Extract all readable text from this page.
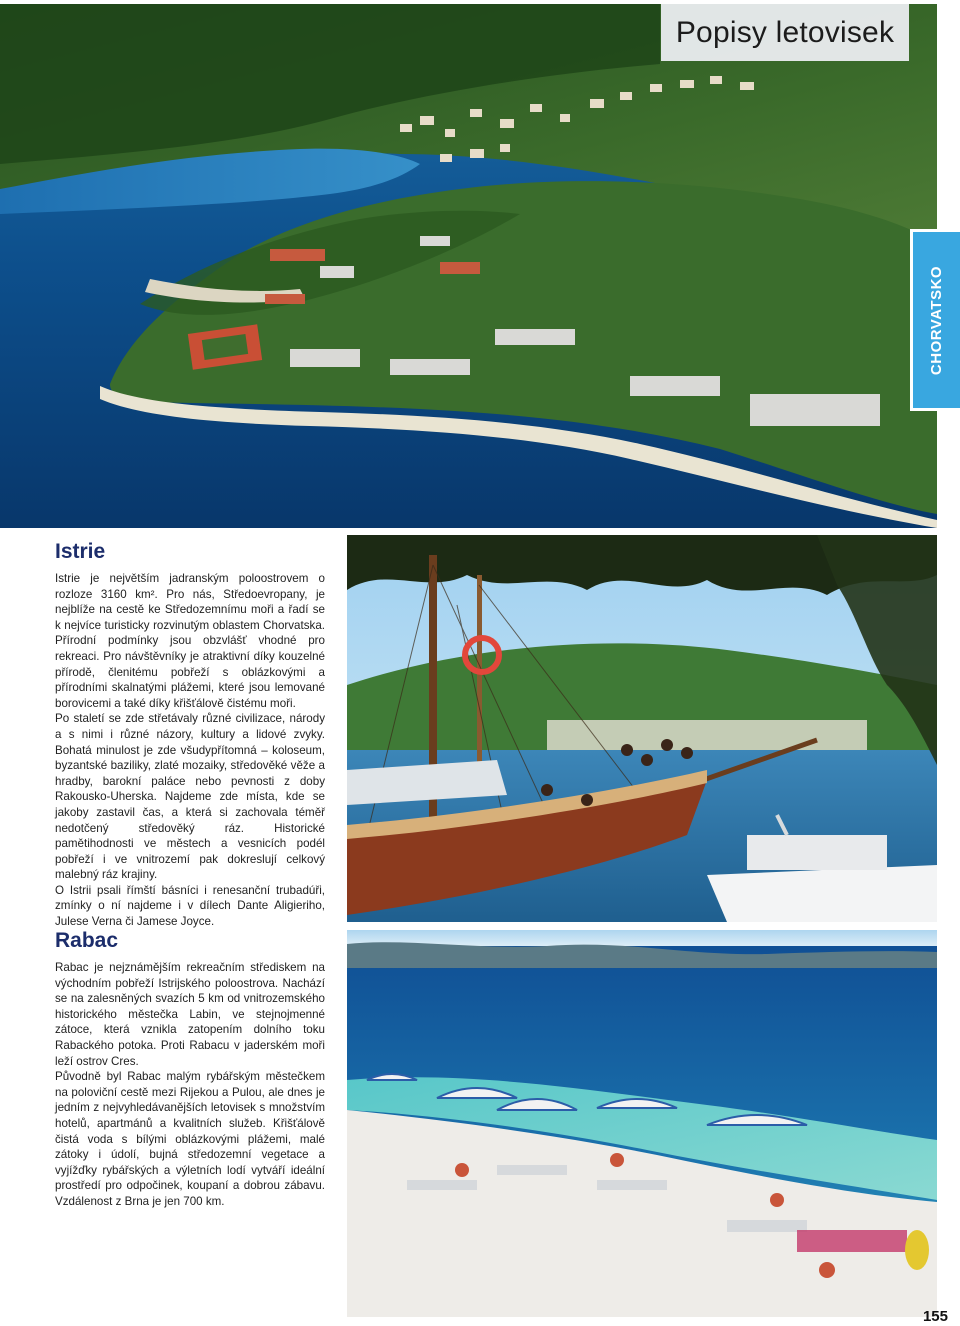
Popisy letovisek
CHORVATSKO
Istrie

Istrie je největším jadranským poloostrovem o rozloze 3160 km². Pro nás, Středoevropany, je nejblíže na cestě ke Středozemnímu moři a řadí se k nejvíce turisticky rozvinutým oblastem Chorvatska. Přírodní podmínky jsou obzvlášť vhodné pro rekreaci. Pro návštěvníky je atraktivní díky kouzelné přírodě, členitému pobřeží s oblázkovými a přírodními skalnatými plážemi, které jsou lemované borovicemi a také díky křišťálově čistému moři.

Po staletí se zde střetávaly různé civilizace, národy a s nimi i různé názory, kultury a lidové zvyky. Bohatá minulost je zde všudypřítomná – koloseum, byzantské baziliky, zlaté mozaiky, středověké věže a hradby, barokní paláce nebo pevnosti z doby Rakousko-Uherska. Najdeme zde místa, kde se jakoby zastavil čas, a která si zachovala téměř nedotčený středověký ráz. Historické pamětihodnosti ve městech a vesnicích podél pobřeží i ve vnitrozemí pak dokreslují celkový malebný ráz krajiny.

O Istrii psali římští básníci i renesanční trubadúři, zmínky o ní najdeme i v dílech Dante Aligieriho, Julese Verna či Jamese Joyce.

Rabac

Rabac je nejznámějším rekreačním střediskem na východním pobřeží Istrijského poloostrova. Nachází se na zalesněných svazích 5 km od vnitrozemského historického městečka Labin, ve stejnojmenné zátoce, která vznikla zatopením dolního toku Rabackého potoka. Proti Rabacu v jaderském moři leží ostrov Cres.

Původně byl Rabac malým rybářským městečkem na poloviční cestě mezi Rijekou a Pulou, ale dnes je jedním z nejvyhledávanějších letovisek s množstvím hotelů, apartmánů a kvalitních služeb. Křišťálově čistá voda s bílými oblázkovými plážemi, malé zátoky i údolí, bujná středozemní vegetace a vyjížďky rybářských a výletních lodí vytváří ideální prostředí pro odpočinek, koupaní a dobrou zábavu. Vzdálenost z Brna je jen 700 km.

155
